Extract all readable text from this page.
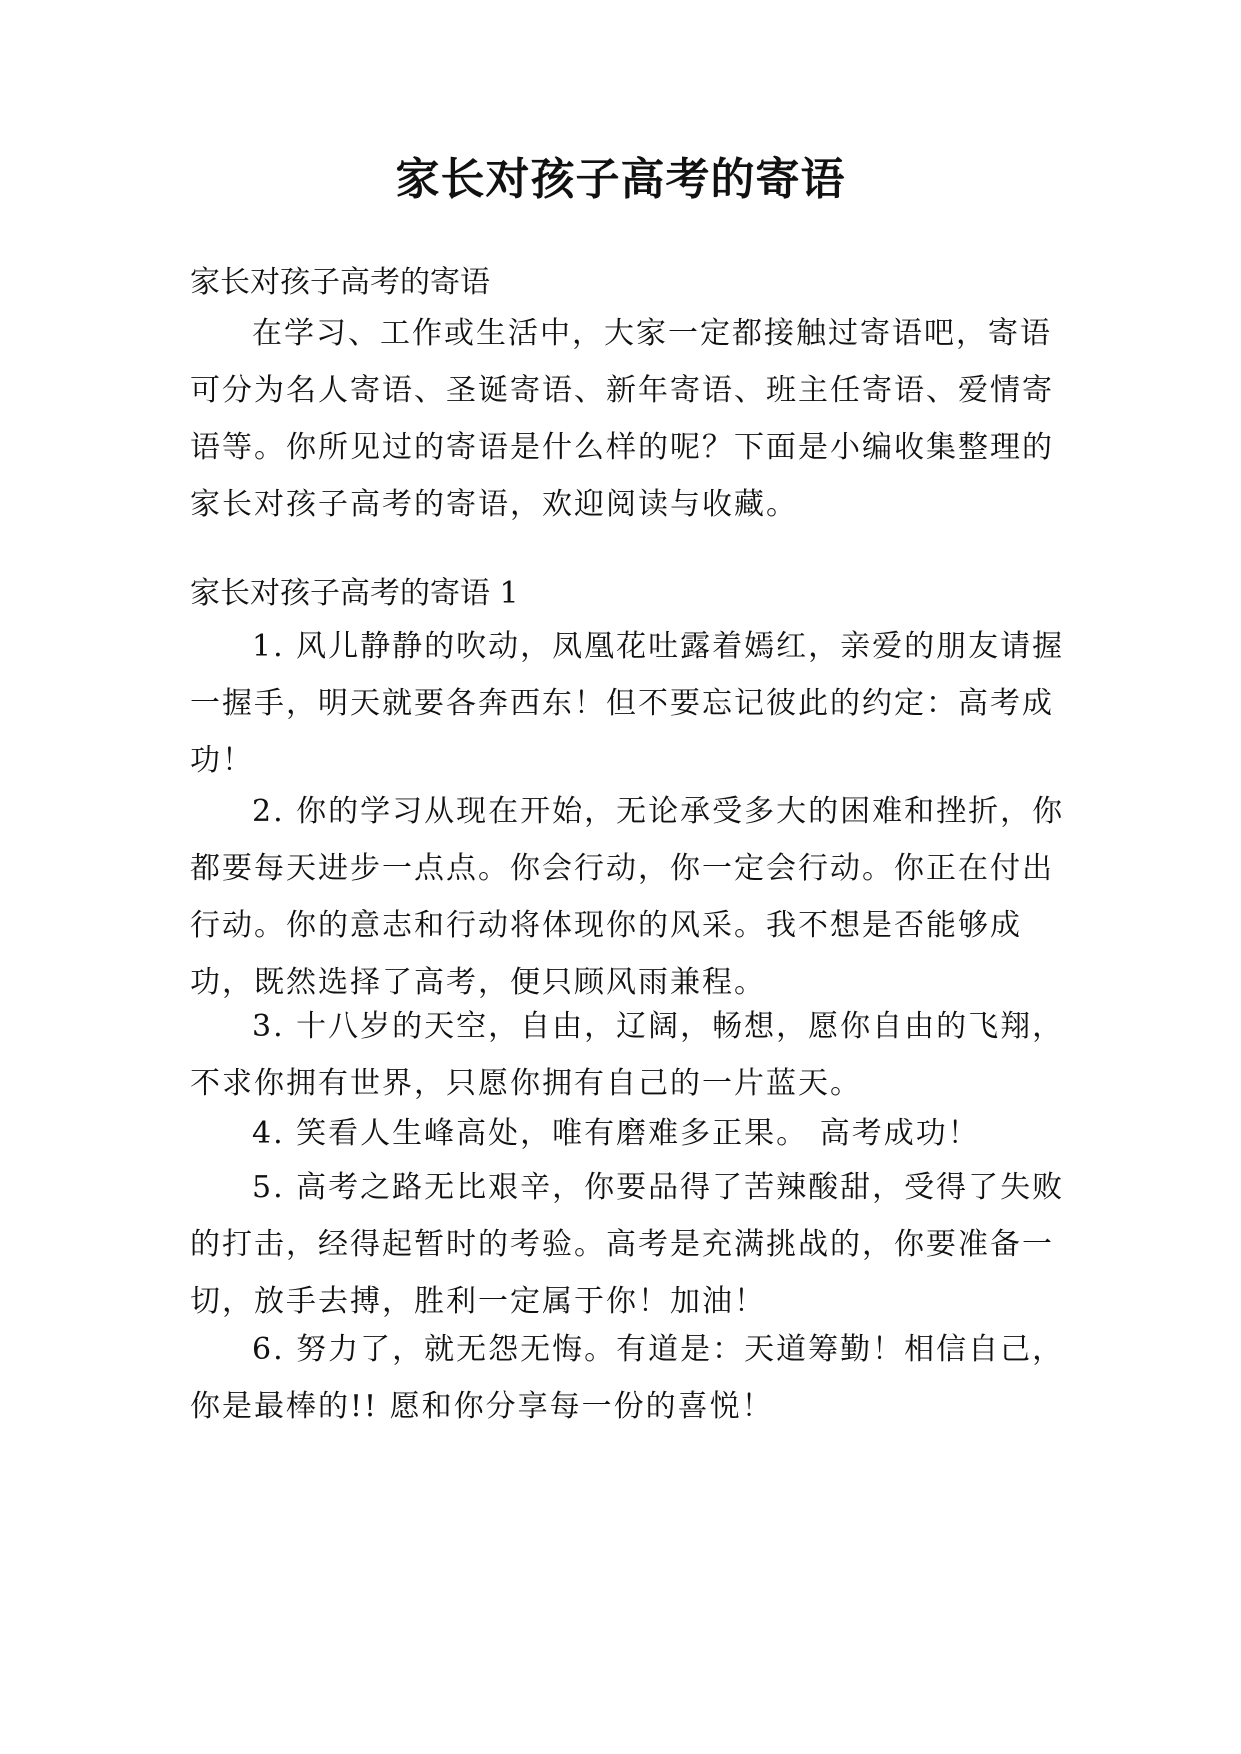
家长对孩子高考的寄语

家长对孩子高考的寄语

在学习、工作或生活中，大家一定都接触过寄语吧，寄语可分为名人寄语、圣诞寄语、新年寄语、班主任寄语、爱情寄语等。你所见过的寄语是什么样的呢？下面是小编收集整理的家长对孩子高考的寄语，欢迎阅读与收藏。

家长对孩子高考的寄语 1

1. 风儿静静的吹动，凤凰花吐露着嫣红，亲爱的朋友请握一握手，明天就要各奔西东！但不要忘记彼此的约定：高考成功！

2. 你的学习从现在开始，无论承受多大的困难和挫折，你都要每天进步一点点。你会行动，你一定会行动。你正在付出行动。你的意志和行动将体现你的风采。我不想是否能够成功，既然选择了高考，便只顾风雨兼程。

3. 十八岁的天空，自由，辽阔，畅想，愿你自由的飞翔，不求你拥有世界，只愿你拥有自己的一片蓝天。

4. 笑看人生峰高处，唯有磨难多正果。 高考成功！

5. 高考之路无比艰辛，你要品得了苦辣酸甜，受得了失败的打击，经得起暂时的考验。高考是充满挑战的，你要准备一切，放手去搏，胜利一定属于你！加油！

6. 努力了，就无怨无悔。有道是：天道筹勤！相信自己，你是最棒的!! 愿和你分享每一份的喜悦！
